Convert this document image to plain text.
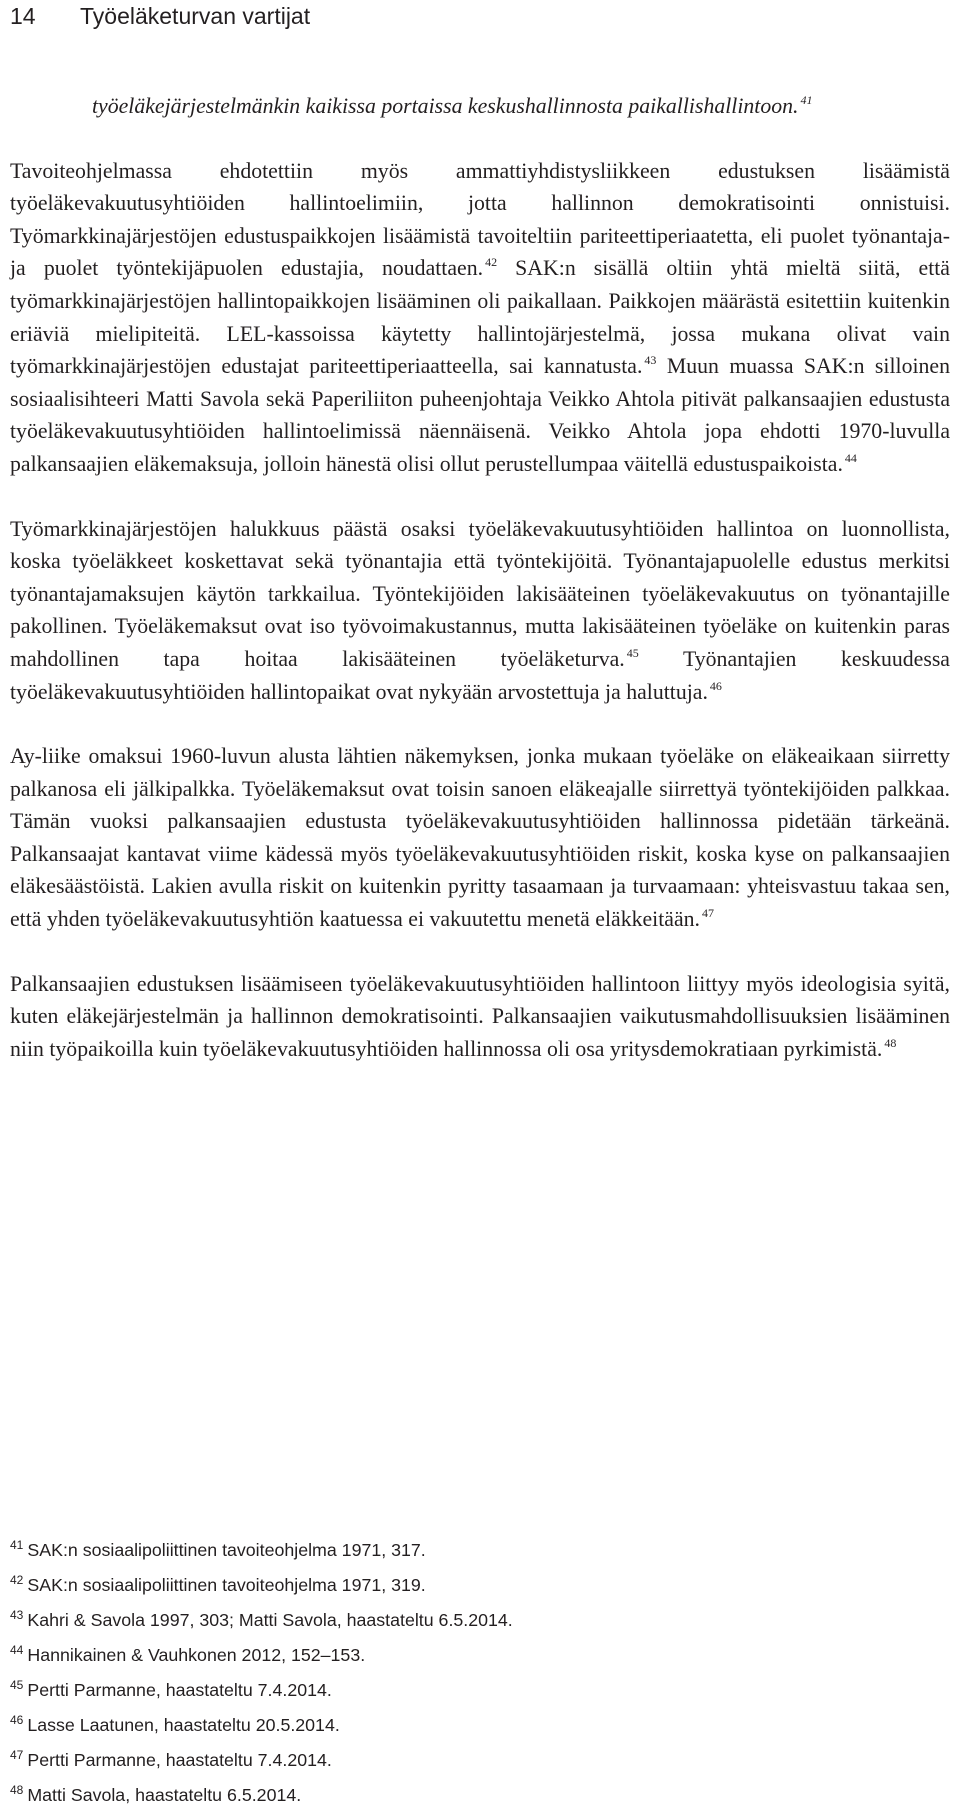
14 Työeläketurvan vartijat

työeläkejärjestelmänkin kaikissa portaissa keskushallinnosta paikallishallintoon. $^{41}$

Tavoiteohjelmassa ehdotettiin myös ammattiyhdistysliikkeen edustuksen lisäämistä työeläkevakuutusyhtiöiden hallintoelimiin, jotta hallinnon demokratisointi onnistuisi. Työmarkkinajärjestöjen edustuspaikkojen lisäämistä tavoiteltiin pariteettiperiaatetta, eli puolet työnantaja- ja puolet työntekijäpuolen edustajia, noudattaen. $^{42}$ SAK:n sisällä oltiin yhtä mieltä siitä, että työmarkkinajärjestöjen hallintopaikkojen lisääminen oli paikallaan. Paikkojen määrästä esitettiin kuitenkin eriäviä mielipiteitä. LEL-kassoissa käytetty hallintojärjestelmä, jossa mukana olivat vain työmarkkinajärjestöjen edustajat pariteettiperiaatteella, sai kannatusta. $^{43}$ Muun muassa SAK:n silloinen sosiaalisihteeri Matti Savola sekä Paperiliiton puheenjohtaja Veikko Ahtola pitivät palkansaajien edustusta työeläkevakuutusyhtiöiden hallintoelimissä näennäisenä. Veikko Ahtola jopa ehdotti 1970-luvulla palkansaajien eläkemaksuja, jolloin hänestä olisi ollut perustellumpaa väitellä edustuspaikoista. $^{44}$

Työmarkkinajärjestöjen halukkuus päästä osaksi työeläkevakuutusyhtiöiden hallintoa on luonnollista, koska työeläkkeet koskettavat sekä työnantajia että työntekijöitä. Työnantajapuolelle edustus merkitsi työnantajamaksujen käytön tarkkailua. Työntekijöiden lakisääteinen työeläkevakuutus on työnantajille pakollinen. Työeläkemaksut ovat iso työvoimakustannus, mutta lakisääteinen työeläke on kuitenkin paras mahdollinen tapa hoitaa lakisääteinen työeläketurva. $^{45}$ Työnantajien keskuudessa työeläkevakuutusyhtiöiden hallintopaikat ovat nykyään arvostettuja ja haluttuja. $^{46}$

Ay-liike omaksui 1960-luvun alusta lähtien näkemyksen, jonka mukaan työeläke on eläkeaikaan siirretty palkanosa eli jälkipalkka. Työeläkemaksut ovat toisin sanoen eläkeajalle siirrettyä työntekijöiden palkkaa. Tämän vuoksi palkansaajien edustusta työeläkevakuutusyhtiöiden hallinnossa pidetään tärkeänä. Palkansaajat kantavat viime kädessä myös työeläkevakuutusyhtiöiden riskit, koska kyse on palkansaajien eläkesäästöistä. Lakien avulla riskit on kuitenkin pyritty tasaamaan ja turvaamaan: yhteisvastuu takaa sen, että yhden työeläkevakuutusyhtiön kaatuessa ei vakuutettu menetä eläkkeitään. $^{47}$

Palkansaajien edustuksen lisäämiseen työeläkevakuutusyhtiöiden hallintoon liittyy myös ideologisia syitä, kuten eläkejärjestelmän ja hallinnon demokratisointi. Palkansaajien vaikutusmahdollisuuksien lisääminen niin työpaikoilla kuin työeläkevakuutusyhtiöiden hallinnossa oli osa yritysdemokratiaan pyrkimistä. $^{48}$

$^{41}$ SAK:n sosiaalipoliittinen tavoiteohjelma 1971, 317.
$^{42}$ SAK:n sosiaalipoliittinen tavoiteohjelma 1971, 319.
$^{43}$ Kahri & Savola 1997, 303; Matti Savola, haastateltu 6.5.2014.
$^{44}$ Hannikainen & Vauhkonen 2012, 152–153.
$^{45}$ Pertti Parmanne, haastateltu 7.4.2014.
$^{46}$ Lasse Laatunen, haastateltu 20.5.2014.
$^{47}$ Pertti Parmanne, haastateltu 7.4.2014.
$^{48}$ Matti Savola, haastateltu 6.5.2014.
